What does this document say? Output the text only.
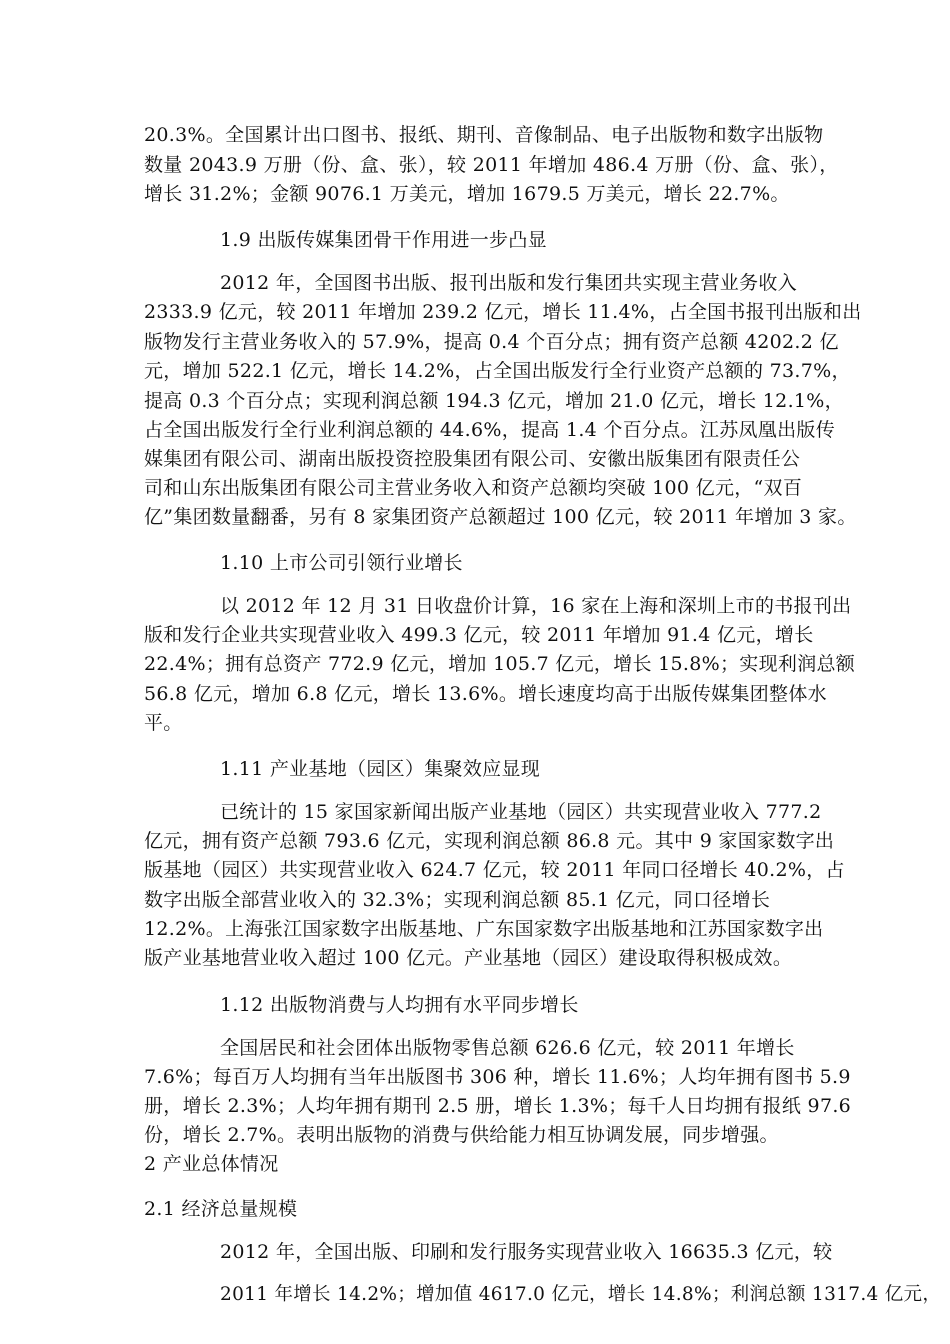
20.3%。全国累计出口图书、报纸、期刊、音像制品、电子出版物和数字出版物
数量 2043.9 万册（份、盒、张），较 2011 年增加 486.4 万册（份、盒、张），
增长 31.2%；金额 9076.1 万美元，增加 1679.5 万美元，增长 22.7%。
1.9 出版传媒集团骨干作用进一步凸显
2012 年，全国图书出版、报刊出版和发行集团共实现主营业务收入
2333.9 亿元，较 2011 年增加 239.2 亿元，增长 11.4%，占全国书报刊出版和出
版物发行主营业务收入的 57.9%，提高 0.4 个百分点；拥有资产总额 4202.2 亿
元，增加 522.1 亿元，增长 14.2%，占全国出版发行全行业资产总额的 73.7%，
提高 0.3 个百分点；实现利润总额 194.3 亿元，增加 21.0 亿元，增长 12.1%，
占全国出版发行全行业利润总额的 44.6%，提高 1.4 个百分点。江苏凤凰出版传
媒集团有限公司、湖南出版投资控股集团有限公司、安徽出版集团有限责任公
司和山东出版集团有限公司主营业务收入和资产总额均突破 100 亿元，“双百
亿”集团数量翻番，另有 8 家集团资产总额超过 100 亿元，较 2011 年增加 3 家。
1.10 上市公司引领行业增长
以 2012 年 12 月 31 日收盘价计算，16 家在上海和深圳上市的书报刊出
版和发行企业共实现营业收入 499.3 亿元，较 2011 年增加 91.4 亿元，增长
22.4%；拥有总资产 772.9 亿元，增加 105.7 亿元，增长 15.8%；实现利润总额
56.8 亿元，增加 6.8 亿元，增长 13.6%。增长速度均高于出版传媒集团整体水
平。
1.11 产业基地（园区）集聚效应显现
已统计的 15 家国家新闻出版产业基地（园区）共实现营业收入 777.2
亿元，拥有资产总额 793.6 亿元，实现利润总额 86.8 元。其中 9 家国家数字出
版基地（园区）共实现营业收入 624.7 亿元，较 2011 年同口径增长 40.2%，占
数字出版全部营业收入的 32.3%；实现利润总额 85.1 亿元，同口径增长
12.2%。上海张江国家数字出版基地、广东国家数字出版基地和江苏国家数字出
版产业基地营业收入超过 100 亿元。产业基地（园区）建设取得积极成效。
1.12 出版物消费与人均拥有水平同步增长
全国居民和社会团体出版物零售总额 626.6 亿元，较 2011 年增长
7.6%；每百万人均拥有当年出版图书 306 种，增长 11.6%；人均年拥有图书 5.9
册，增长 2.3%；人均年拥有期刊 2.5 册，增长 1.3%；每千人日均拥有报纸 97.6
份，增长 2.7%。表明出版物的消费与供给能力相互协调发展，同步增强。
2 产业总体情况
2.1 经济总量规模
2012 年，全国出版、印刷和发行服务实现营业收入 16635.3 亿元，较
2011 年增长 14.2%；增加值 4617.0 亿元，增长 14.8%；利润总额 1317.4 亿元，
